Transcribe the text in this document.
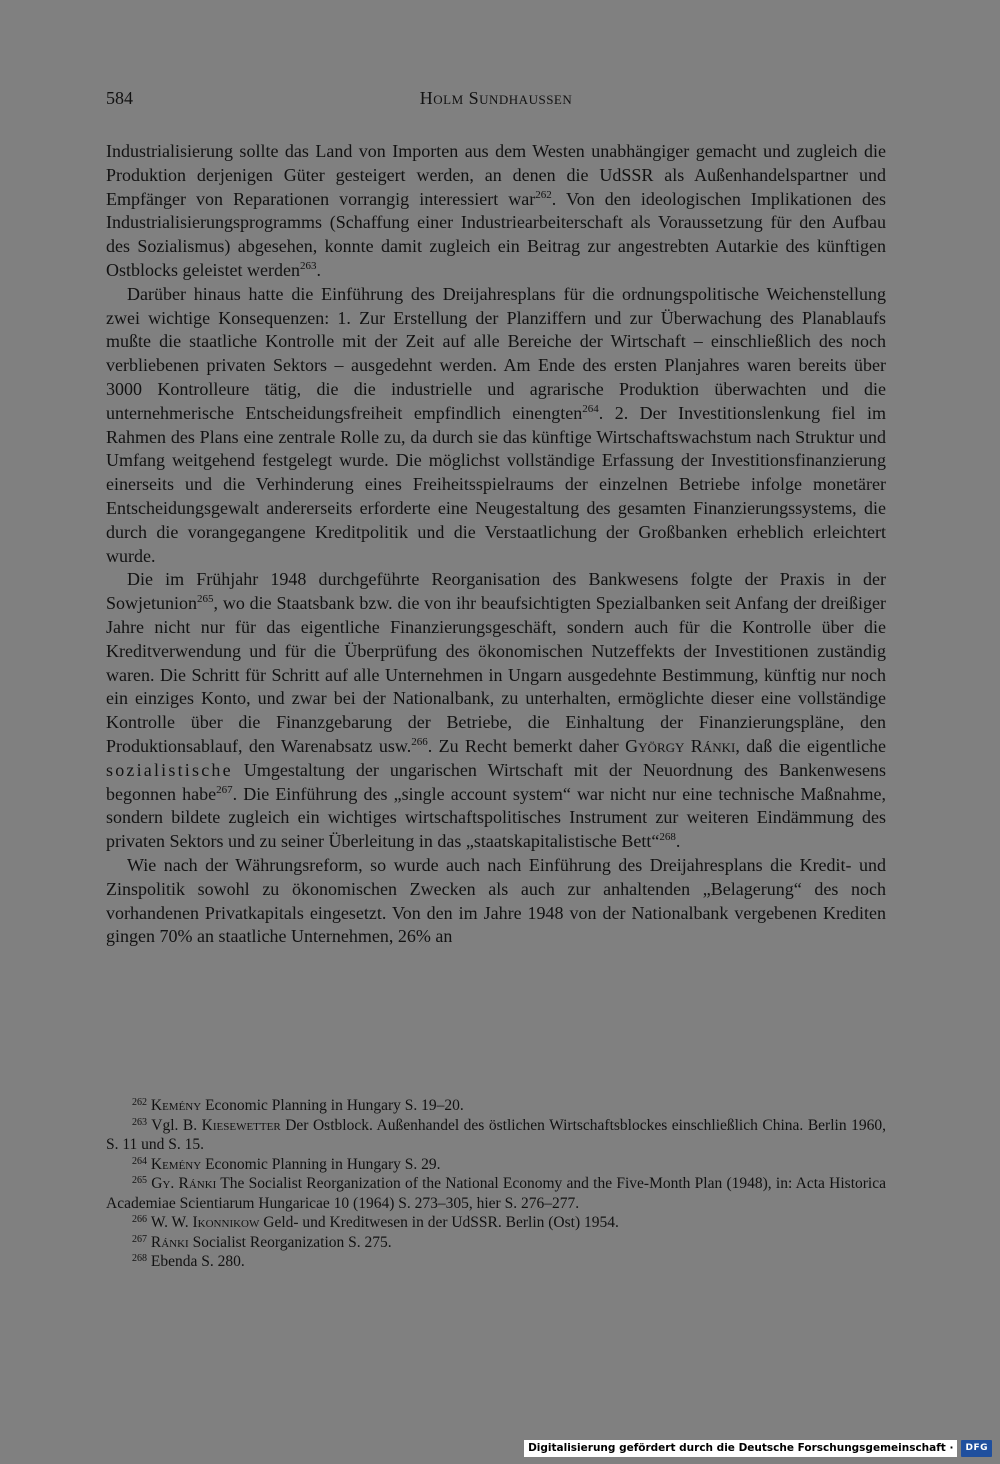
584	Holm Sundhaussen

Industrialisierung sollte das Land von Importen aus dem Westen unabhängiger gemacht und zugleich die Produktion derjenigen Güter gesteigert werden, an denen die UdSSR als Außenhandelspartner und Empfänger von Reparationen vorrangig interessiert war$^{262}$. Von den ideologischen Implikationen des Industrialisierungsprogramms (Schaffung einer Industriearbeiterschaft als Voraussetzung für den Aufbau des Sozialismus) abgesehen, konnte damit zugleich ein Beitrag zur angestrebten Autarkie des künftigen Ostblocks geleistet werden$^{263}$.

Darüber hinaus hatte die Einführung des Dreijahresplans für die ordnungspolitische Weichenstellung zwei wichtige Konsequenzen: 1. Zur Erstellung der Planziffern und zur Überwachung des Planablaufs mußte die staatliche Kontrolle mit der Zeit auf alle Bereiche der Wirtschaft – einschließlich des noch verbliebenen privaten Sektors – ausgedehnt werden. Am Ende des ersten Planjahres waren bereits über 3000 Kontrolleure tätig, die die industrielle und agrarische Produktion überwachten und die unternehmerische Entscheidungsfreiheit empfindlich einengten$^{264}$. 2. Der Investitionslenkung fiel im Rahmen des Plans eine zentrale Rolle zu, da durch sie das künftige Wirtschaftswachstum nach Struktur und Umfang weitgehend festgelegt wurde. Die möglichst vollständige Erfassung der Investitionsfinanzierung einerseits und die Verhinderung eines Freiheitsspielraums der einzelnen Betriebe infolge monetärer Entscheidungsgewalt andererseits erforderte eine Neugestaltung des gesamten Finanzierungssystems, die durch die vorangegangene Kreditpolitik und die Verstaatlichung der Großbanken erheblich erleichtert wurde.

Die im Frühjahr 1948 durchgeführte Reorganisation des Bankwesens folgte der Praxis in der Sowjetunion$^{265}$, wo die Staatsbank bzw. die von ihr beaufsichtigten Spezialbanken seit Anfang der dreißiger Jahre nicht nur für das eigentliche Finanzierungsgeschäft, sondern auch für die Kontrolle über die Kreditverwendung und für die Überprüfung des ökonomischen Nutzeffekts der Investitionen zuständig waren. Die Schritt für Schritt auf alle Unternehmen in Ungarn ausgedehnte Bestimmung, künftig nur noch ein einziges Konto, und zwar bei der Nationalbank, zu unterhalten, ermöglichte dieser eine vollständige Kontrolle über die Finanzgebarung der Betriebe, die Einhaltung der Finanzierungspläne, den Produktionsablauf, den Warenabsatz usw.$^{266}$. Zu Recht bemerkt daher György Ránki, daß die eigentliche sozialistische Umgestaltung der ungarischen Wirtschaft mit der Neuordnung des Bankenwesens begonnen habe$^{267}$. Die Einführung des „single account system“ war nicht nur eine technische Maßnahme, sondern bildete zugleich ein wichtiges wirtschaftspolitisches Instrument zur weiteren Eindämmung des privaten Sektors und zu seiner Überleitung in das „staatskapitalistische Bett“$^{268}$.

Wie nach der Währungsreform, so wurde auch nach Einführung des Dreijahresplans die Kredit- und Zinspolitik sowohl zu ökonomischen Zwecken als auch zur anhaltenden „Belagerung“ des noch vorhandenen Privatkapitals eingesetzt. Von den im Jahre 1948 von der Nationalbank vergebenen Krediten gingen 70% an staatliche Unternehmen, 26% an

$^{262}$ Kemény Economic Planning in Hungary S. 19–20.

$^{263}$ Vgl. B. Kiesewetter Der Ostblock. Außenhandel des östlichen Wirtschaftsblockes einschließlich China. Berlin 1960, S. 11 und S. 15.

$^{264}$ Kemény Economic Planning in Hungary S. 29.

$^{265}$ Gy. Ránki The Socialist Reorganization of the National Economy and the Five-Month Plan (1948), in: Acta Historica Academiae Scientiarum Hungaricae 10 (1964) S. 273–305, hier S. 276–277.

$^{266}$ W. W. Ikonnikow Geld- und Kreditwesen in der UdSSR. Berlin (Ost) 1954.

$^{267}$ Ránki Socialist Reorganization S. 275.

$^{268}$ Ebenda S. 280.

Digitalisierung gefördert durch die Deutsche Forschungsgemeinschaft ·	DFG
